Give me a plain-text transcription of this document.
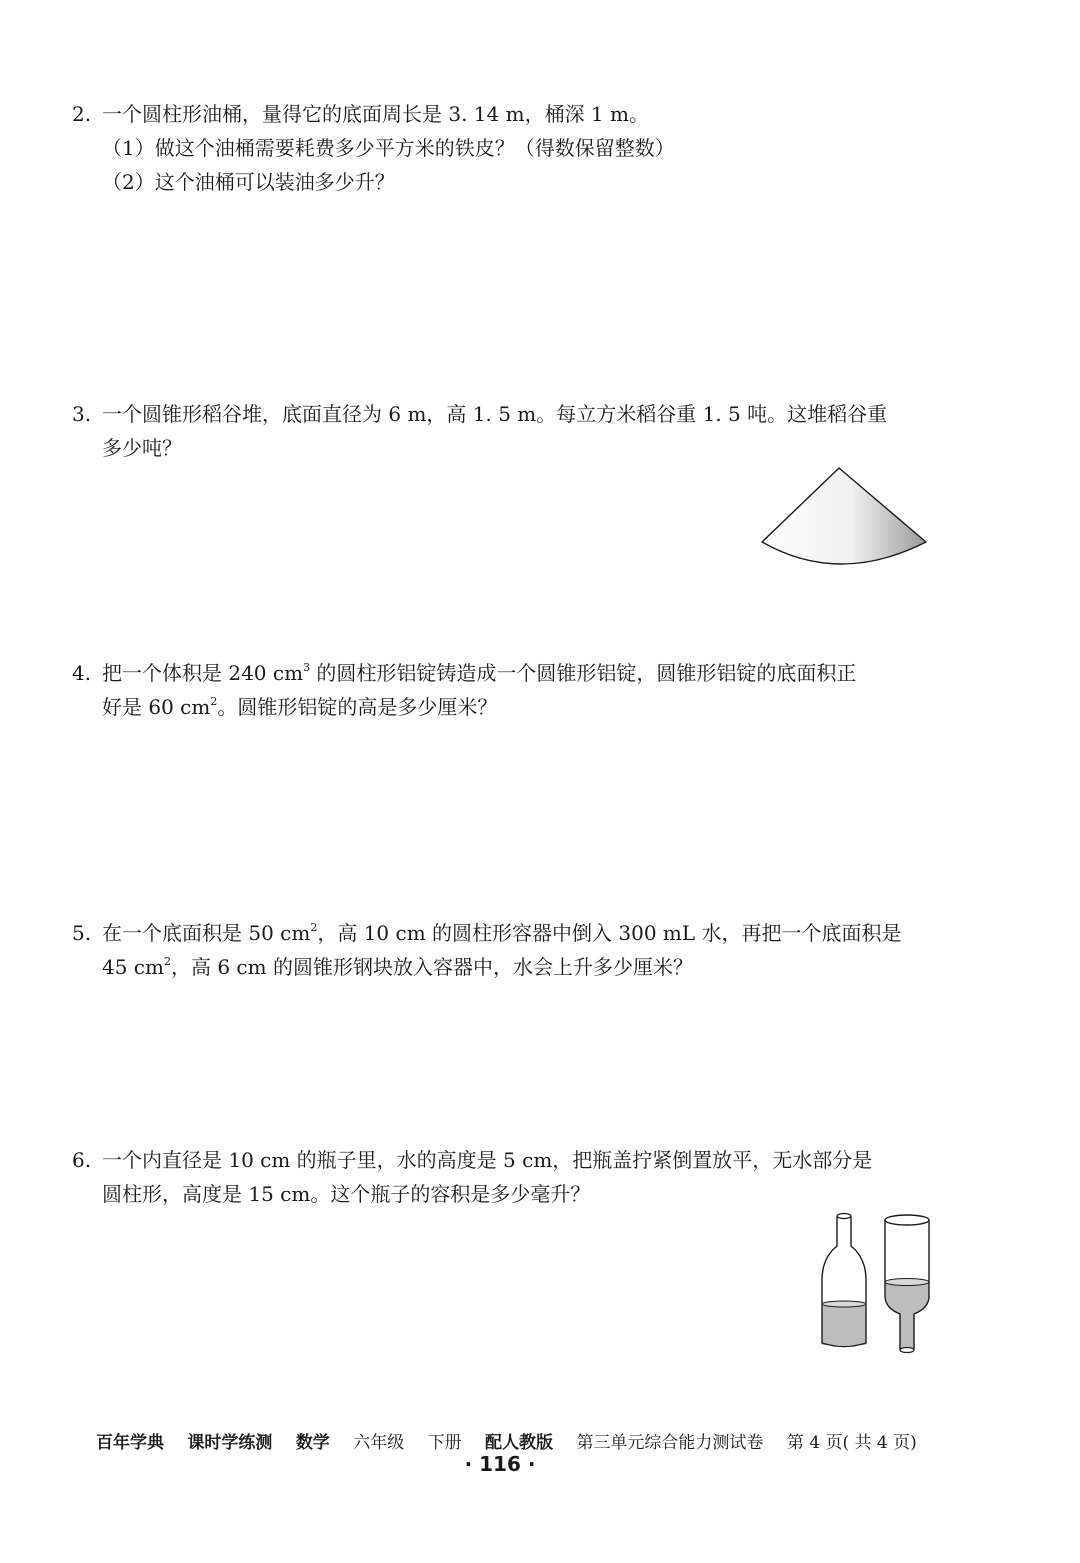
2. 一个圆柱形油桶，量得它的底面周长是 3. 14 m，桶深 1 m。
（1）做这个油桶需要耗费多少平方米的铁皮？（得数保留整数）
（2）这个油桶可以装油多少升？
3. 一个圆锥形稻谷堆，底面直径为 6 m，高 1. 5 m。每立方米稻谷重 1. 5 吨。这堆稻谷重
多少吨？
4. 把一个体积是 240 $cm^3$ 的圆柱形铝锭铸造成一个圆锥形铝锭，圆锥形铝锭的底面积正
好是 60 $cm^2$。圆锥形铝锭的高是多少厘米？
5. 在一个底面积是 50 $cm^2$，高 10 cm 的圆柱形容器中倒入 300 mL 水，再把一个底面积是
45 $cm^2$，高 6 cm 的圆锥形钢块放入容器中，水会上升多少厘米？
6. 一个内直径是 10 cm 的瓶子里，水的高度是 5 cm，把瓶盖拧紧倒置放平，无水部分是
圆柱形，高度是 15 cm。这个瓶子的容积是多少毫升？
百年学典 课时学练测 数学 六年级 下册 配人教版 第三单元综合能力测试卷 第 4 页( 共 4 页)
· 116 ·
